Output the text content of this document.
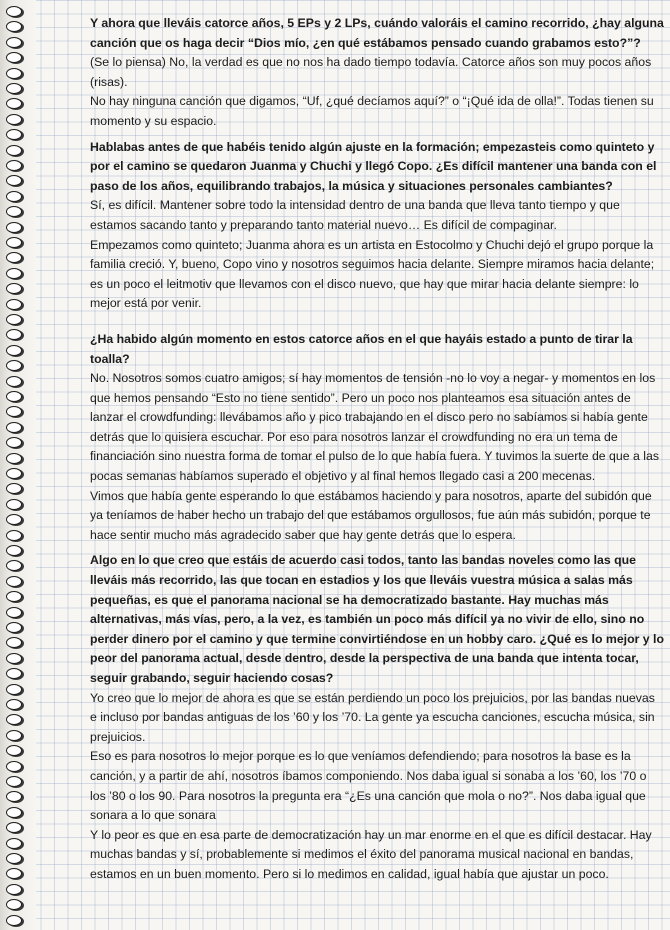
Y ahora que lleváis catorce años, 5 EPs y 2 LPs, cuándo valoráis el camino recorrido, ¿hay alguna canción que os haga decir “Dios mío, ¿en qué estábamos pensado cuando grabamos esto?”?

(Se lo piensa) No, la verdad es que no nos ha dado tiempo todavía. Catorce años son muy pocos años (risas).

No hay ninguna canción que digamos, “Uf, ¿qué decíamos aquí?” o “¡Qué ida de olla!”. Todas tienen su momento y su espacio.

Hablabas antes de que habéis tenido algún ajuste en la formación; empezasteis como quinteto y por el camino se quedaron Juanma y Chuchi y llegó Copo. ¿Es difícil mantener una banda con el paso de los años, equilibrando trabajos, la música y situaciones personales cambiantes?

Sí, es difícil. Mantener sobre todo la intensidad dentro de una banda que lleva tanto tiempo y que estamos sacando tanto y preparando tanto material nuevo… Es difícil de compaginar.

Empezamos como quinteto; Juanma ahora es un artista en Estocolmo y Chuchi dejó el grupo porque la familia creció. Y, bueno, Copo vino y nosotros seguimos hacia delante. Siempre miramos hacia delante; es un poco el leitmotiv que llevamos con el disco nuevo, que hay que mirar hacia delante siempre: lo mejor está por venir.

¿Ha habido algún momento en estos catorce años en el que hayáis estado a punto de tirar la toalla?

No. Nosotros somos cuatro amigos; sí hay momentos de tensión -no lo voy a negar- y momentos en los que hemos pensando “Esto no tiene sentido”. Pero un poco nos planteamos esa situación antes de lanzar el crowdfunding: llevábamos año y pico trabajando en el disco pero no sabíamos si había gente detrás que lo quisiera escuchar. Por eso para nosotros lanzar el crowdfunding no era un tema de financiación sino nuestra forma de tomar el pulso de lo que había fuera. Y tuvimos la suerte de que a las pocas semanas habíamos superado el objetivo y al final hemos llegado casi a 200 mecenas.

Vimos que había gente esperando lo que estábamos haciendo y para nosotros, aparte del subidón que ya teníamos de haber hecho un trabajo del que estábamos orgullosos, fue aún más subidón, porque te hace sentir mucho más agradecido saber que hay gente detrás que lo espera.

Algo en lo que creo que estáis de acuerdo casi todos, tanto las bandas noveles como las que lleváis más recorrido, las que tocan en estadios y los que lleváis vuestra música a salas más pequeñas, es que el panorama nacional se ha democratizado bastante. Hay muchas más alternativas, más vías, pero, a la vez, es también un poco más difícil ya no vivir de ello, sino no perder dinero por el camino y que termine convirtiéndose en un hobby caro. ¿Qué es lo mejor y lo peor del panorama actual, desde dentro, desde la perspectiva de una banda que intenta tocar, seguir grabando, seguir haciendo cosas?

Yo creo que lo mejor de ahora es que se están perdiendo un poco los prejuicios, por las bandas nuevas e incluso por bandas antiguas de los ’60 y los ’70. La gente ya escucha canciones, escucha música, sin prejuicios.

Eso es para nosotros lo mejor porque es lo que veníamos defendiendo; para nosotros la base es la canción, y a partir de ahí, nosotros íbamos componiendo. Nos daba igual si sonaba a los ’60, los ’70 o los ’80 o los 90. Para nosotros la pregunta era “¿Es una canción que mola o no?”. Nos daba igual que sonara a lo que sonara

Y lo peor es que en esa parte de democratización hay un mar enorme en el que es difícil destacar. Hay muchas bandas y sí, probablemente si medimos el éxito del panorama musical nacional en bandas, estamos en un buen momento. Pero si lo medimos en calidad, igual había que ajustar un poco.
